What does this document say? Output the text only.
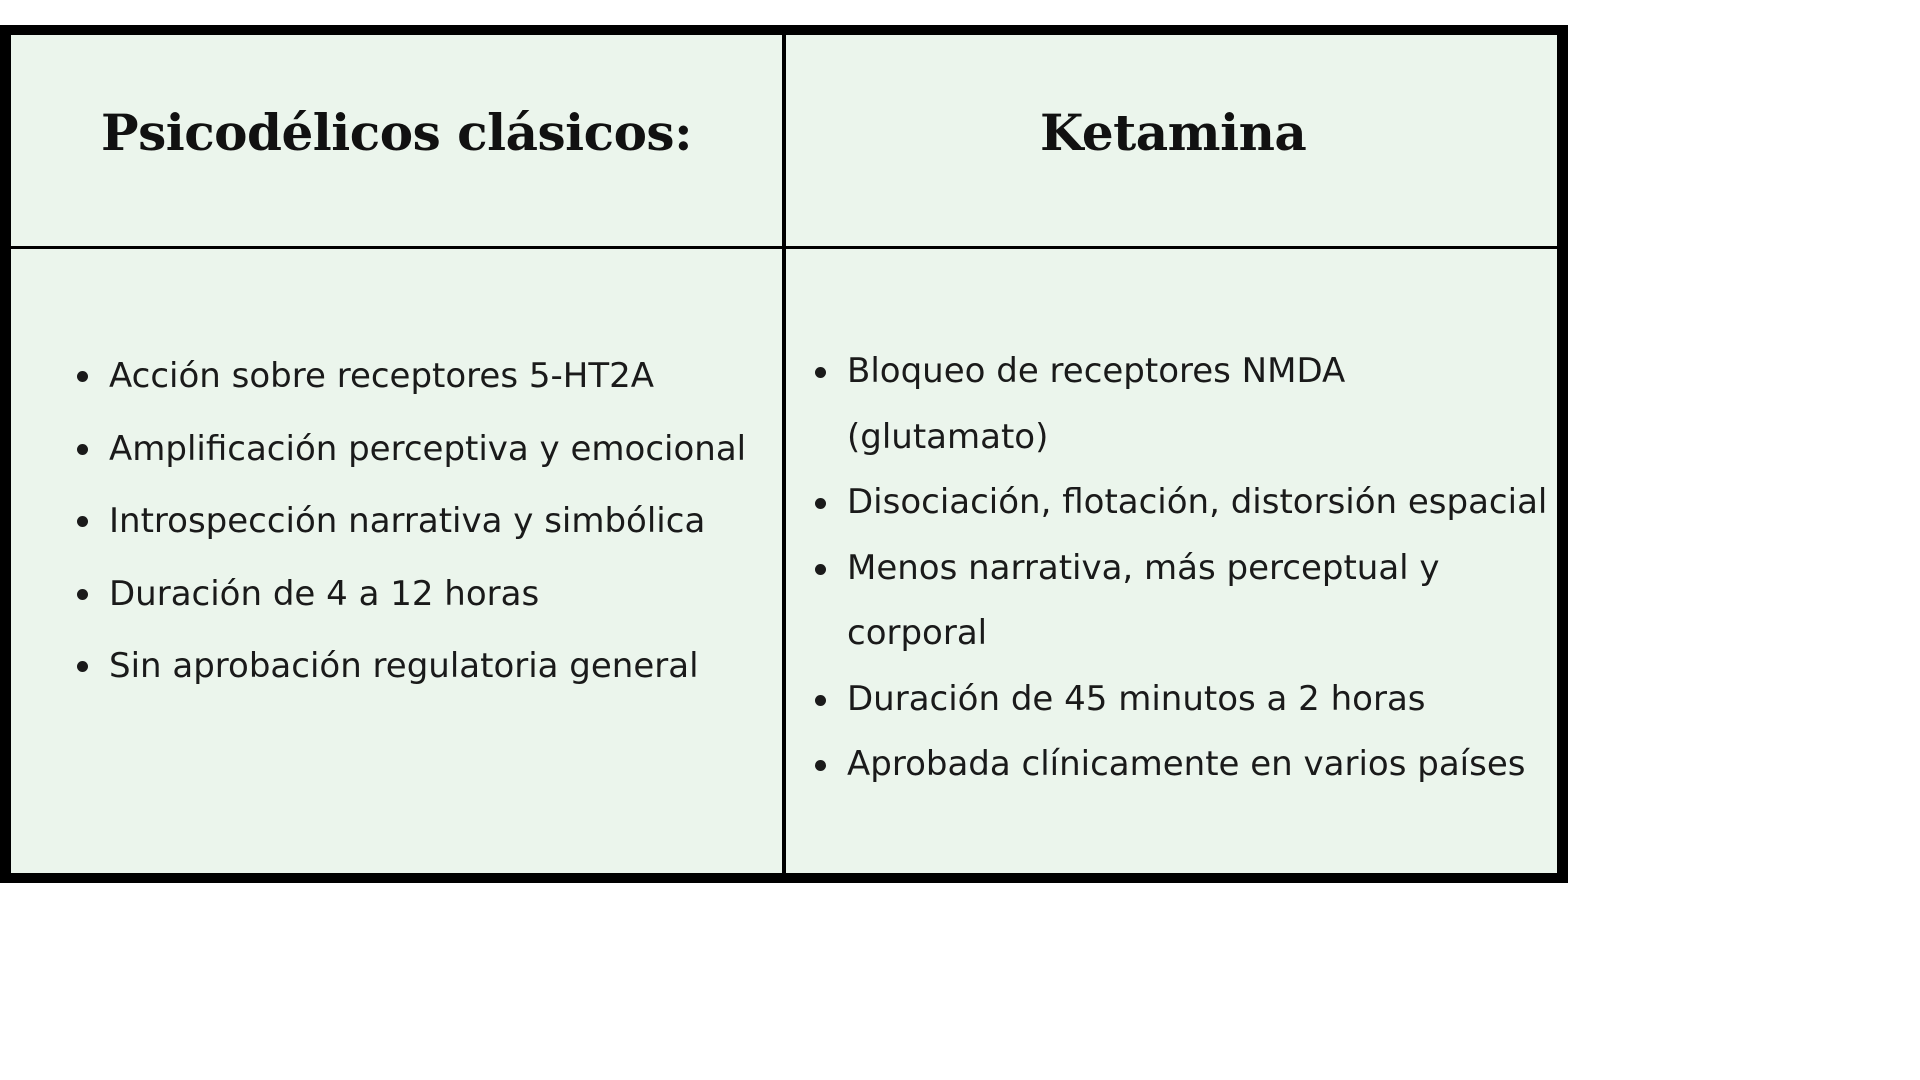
Psicodélicos clásicos:	Ketamina
Acción sobre receptores 5-HT2A
Amplificación perceptiva y emocional
Introspección narrativa y simbólica
Duración de 4 a 12 horas
Sin aprobación regulatoria general
Bloqueo de receptores NMDA (glutamato)
Disociación, flotación, distorsión espacial
Menos narrativa, más perceptual y corporal
Duración de 45 minutos a 2 horas
Aprobada clínicamente en varios países
